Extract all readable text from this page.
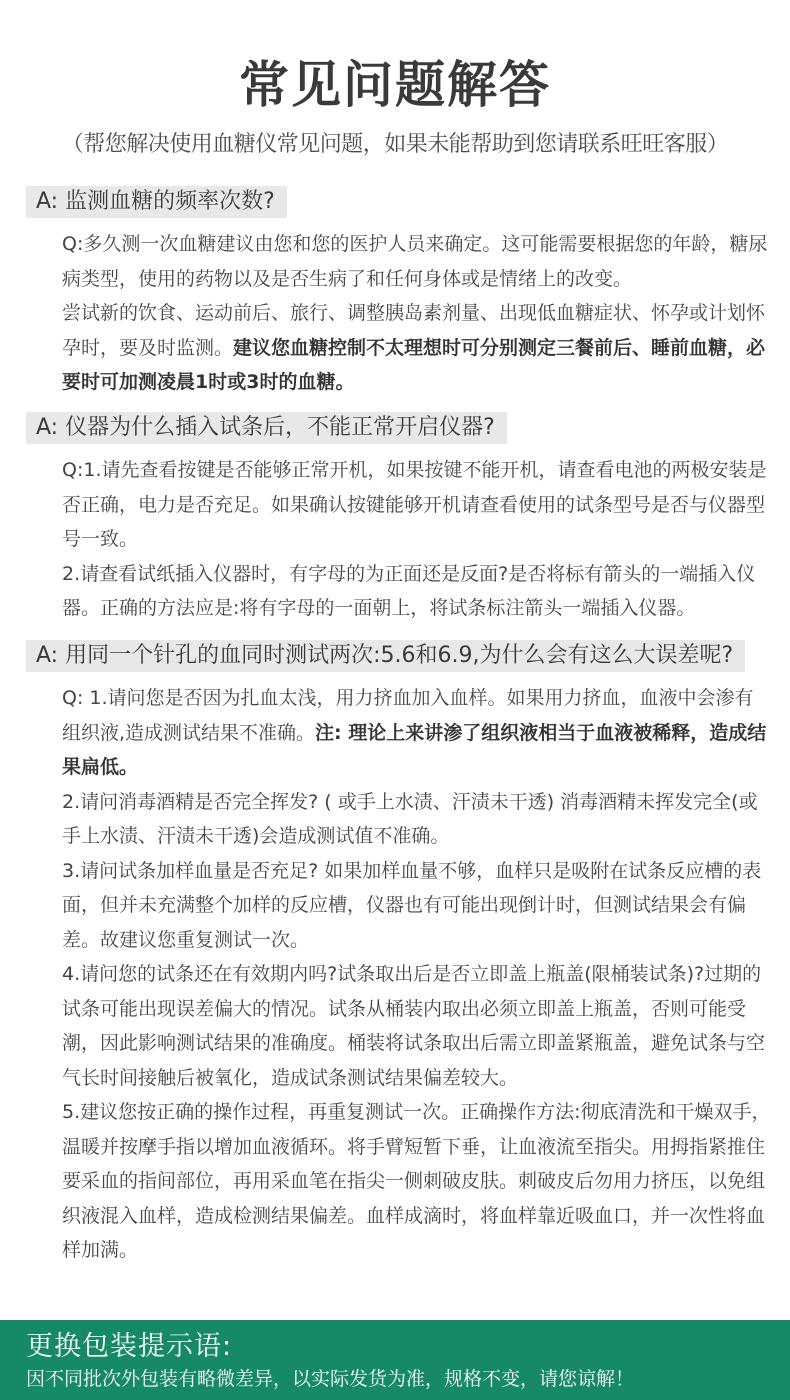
常见问题解答
（帮您解决使用血糖仪常见问题，如果未能帮助到您请联系旺旺客服）
A: 监测血糖的频率次数?

Q:多久测一次血糖建议由您和您的医护人员来确定。这可能需要根据您的年龄，糖尿病类型，使用的药物以及是否生病了和任何身体或是情绪上的改变。

尝试新的饮食、运动前后、旅行、调整胰岛素剂量、出现低血糖症状、怀孕或计划怀孕时，要及时监测。建议您血糖控制不太理想时可分别测定三餐前后、睡前血糖，必要时可加测凌晨1时或3时的血糖。

A: 仪器为什么插入试条后，不能正常开启仪器?

Q:1.请先查看按键是否能够正常开机，如果按键不能开机，请查看电池的两极安装是否正确，电力是否充足。如果确认按键能够开机请查看使用的试条型号是否与仪器型号一致。

2.请查看试纸插入仪器时，有字母的为正面还是反面?是否将标有箭头的一端插入仪器。正确的方法应是:将有字母的一面朝上，将试条标注箭头一端插入仪器。

A: 用同一个针孔的血同时测试两次:5.6和6.9,为什么会有这么大误差呢?

Q: 1.请问您是否因为扎血太浅，用力挤血加入血样。如果用力挤血，血液中会渗有组织液,造成测试结果不准确。注: 理论上来讲渗了组织液相当于血液被稀释，造成结果扁低。

2.请问消毒酒精是否完全挥发? ( 或手上水渍、汗渍未干透) 消毒酒精未挥发完全(或手上水渍、汗渍未干透)会造成测试值不准确。

3.请问试条加样血量是否充足? 如果加样血量不够，血样只是吸附在试条反应槽的表面，但并未充满整个加样的反应槽，仪器也有可能出现倒计时，但测试结果会有偏差。故建议您重复测试一次。

4.请问您的试条还在有效期内吗?试条取出后是否立即盖上瓶盖(限桶装试条)?过期的试条可能出现误差偏大的情况。试条从桶装内取出必须立即盖上瓶盖，否则可能受潮，因此影响测试结果的准确度。桶装将试条取出后需立即盖紧瓶盖，避免试条与空气长时间接触后被氧化，造成试条测试结果偏差较大。

5.建议您按正确的操作过程，再重复测试一次。正确操作方法:彻底清洗和干燥双手，温暖并按摩手指以增加血液循环。将手臂短暂下垂，让血液流至指尖。用拇指紧推住要采血的指间部位，再用采血笔在指尖一侧刺破皮肤。刺破皮后勿用力挤压，以免组织液混入血样，造成检测结果偏差。血样成滴时，将血样靠近吸血口，并一次性将血样加满。

更换包装提示语:
因不同批次外包装有略微差异，以实际发货为准，规格不变，请您谅解！
